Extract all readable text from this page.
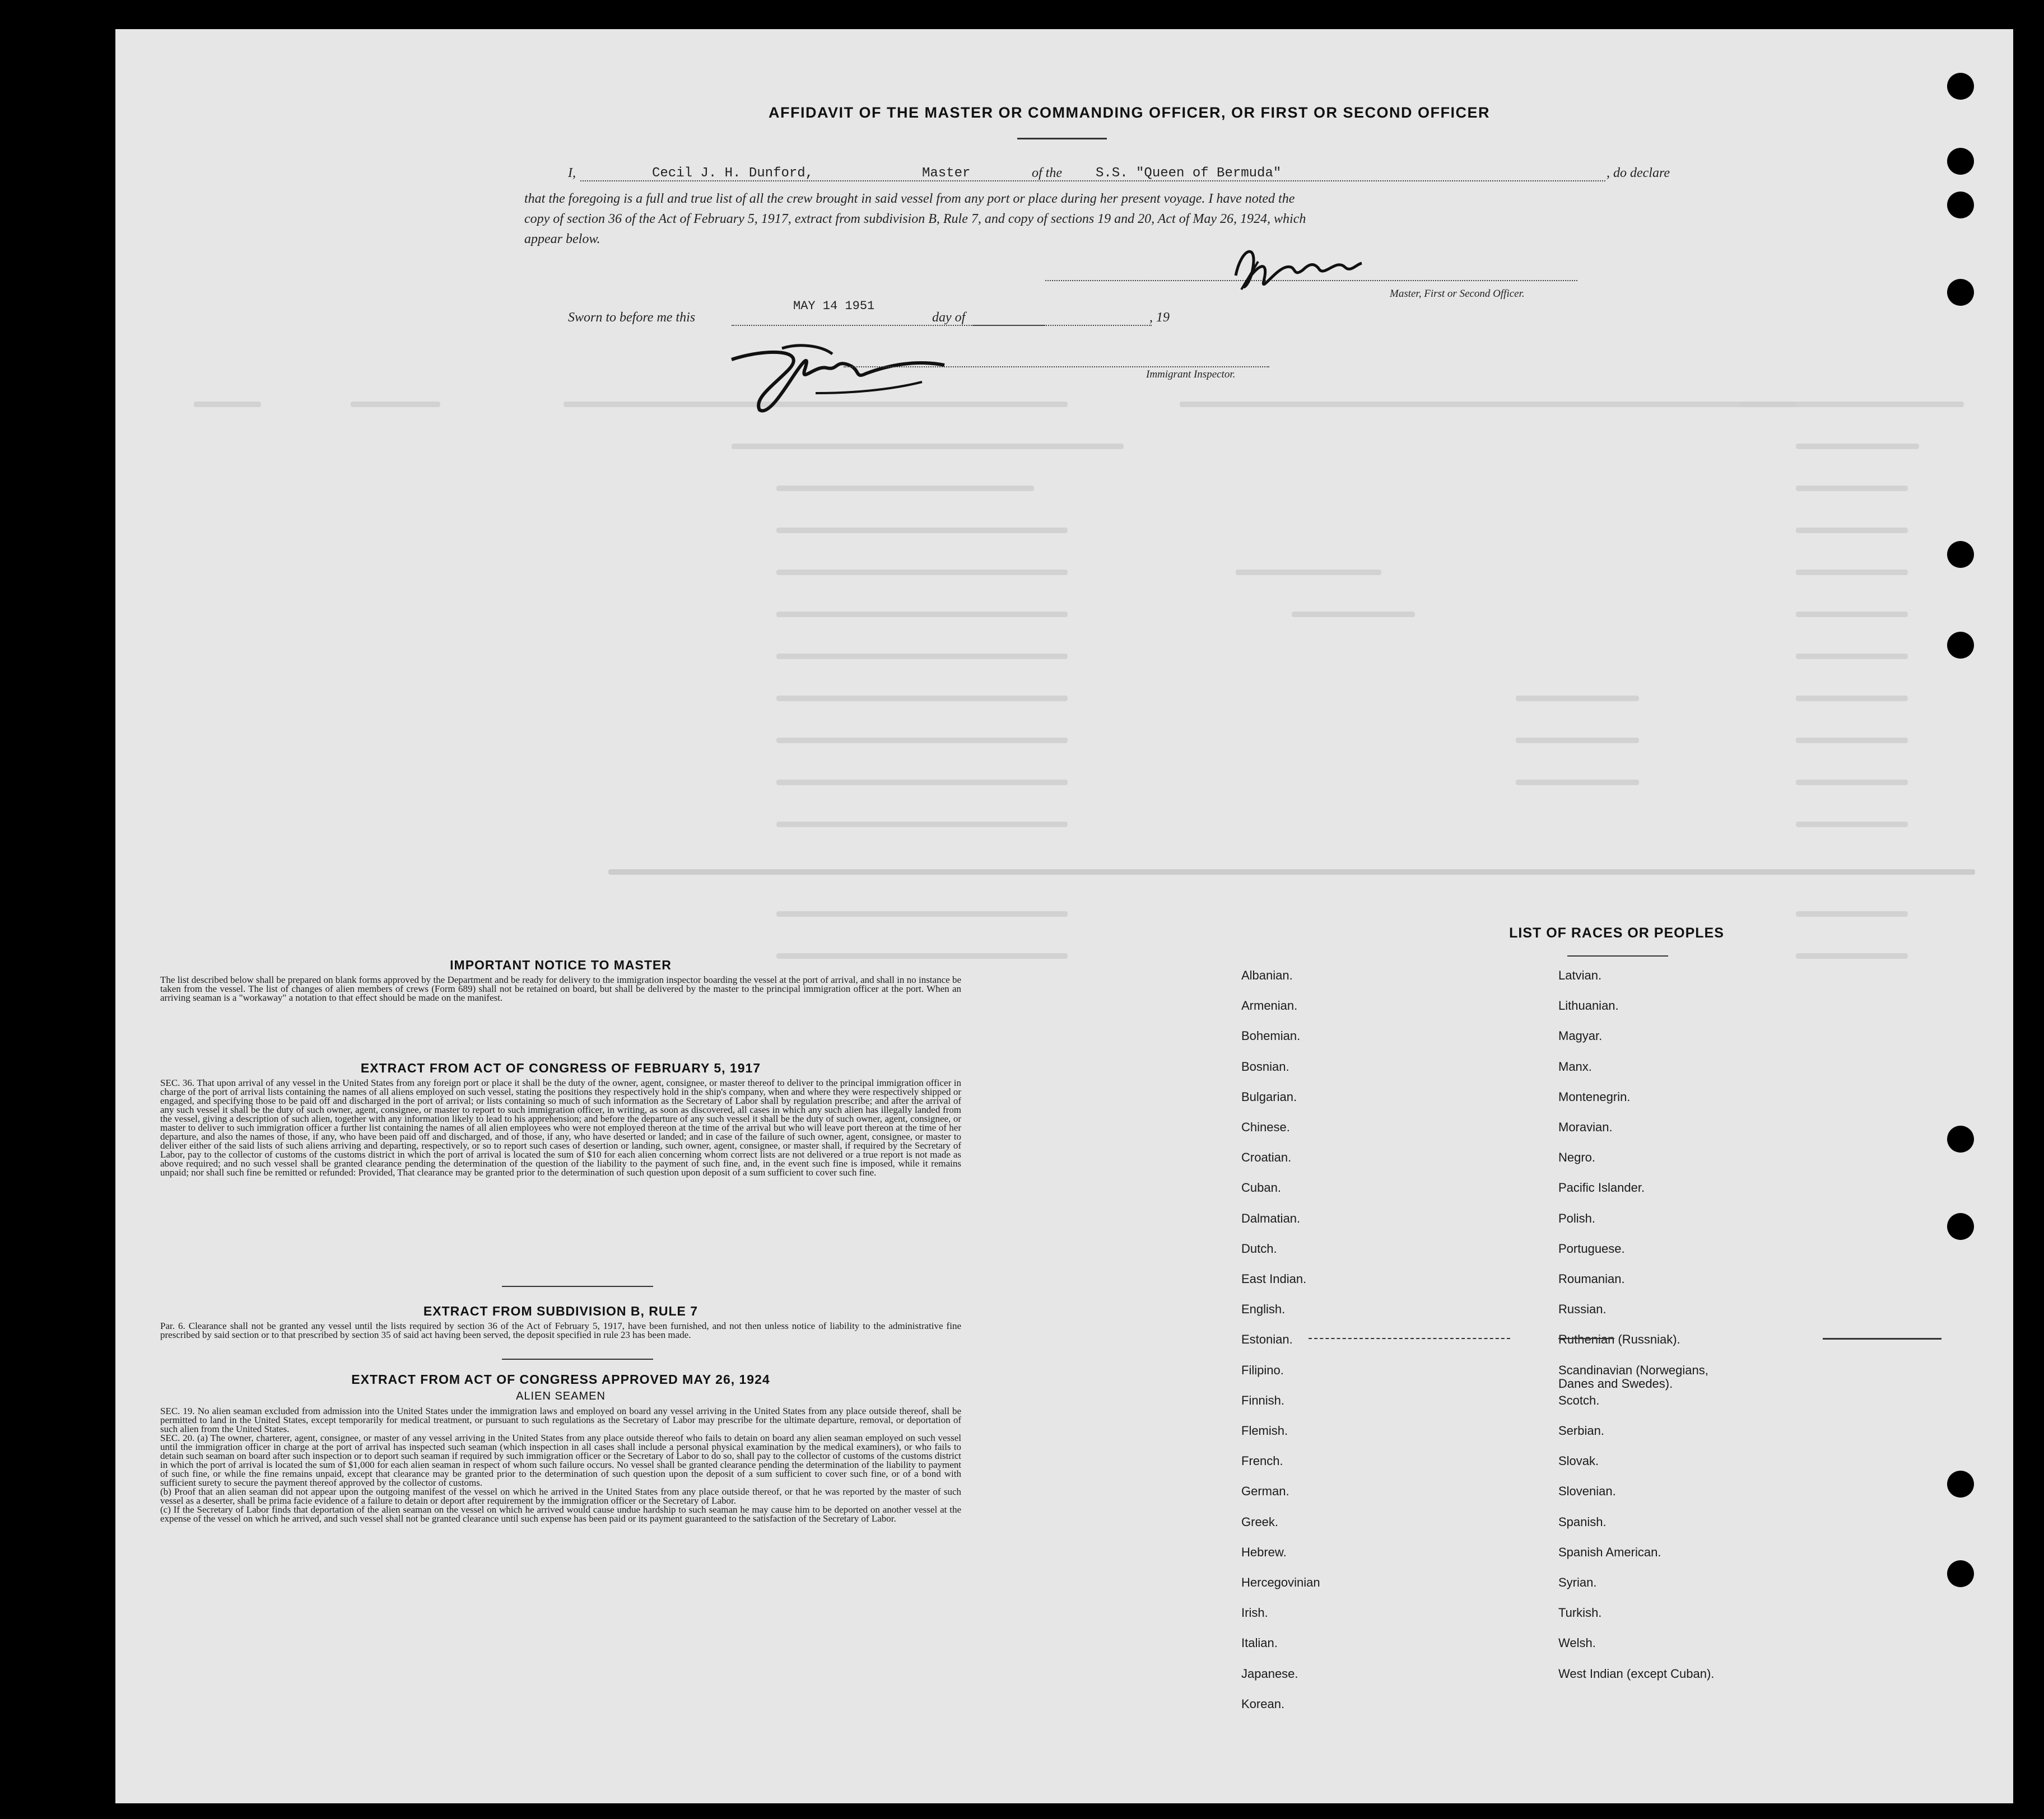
AFFIDAVIT OF THE MASTER OR COMMANDING OFFICER, OR FIRST OR SECOND OFFICER
I,	Cecil J. H. Dunford,	Master	of the	S.S. "Queen of Bermuda"	, do declare
that the foregoing is a full and true list of all the crew brought in said vessel from any port or place during her present voyage. I have noted the
copy of section 36 of the Act of February 5, 1917, extract from subdivision B, Rule 7, and copy of sections 19 and 20, Act of May 26, 1924, which
appear below.
Master, First or Second Officer.
Sworn to before me this
MAY 14 1951
day of	, 19
Immigrant Inspector.
IMPORTANT NOTICE TO MASTER
The list described below shall be prepared on blank forms approved by the Department and be ready for delivery to the immigration inspector boarding the vessel at the port of arrival, and shall in no instance be taken from the vessel. The list of changes of alien members of crews (Form 689) shall not be retained on board, but shall be delivered by the master to the principal immigration officer at the port. When an arriving seaman is a "workaway" a notation to that effect should be made on the manifest.
EXTRACT FROM ACT OF CONGRESS OF FEBRUARY 5, 1917
SEC. 36. That upon arrival of any vessel in the United States from any foreign port or place it shall be the duty of the owner, agent, consignee, or master thereof to deliver to the principal immigration officer in charge of the port of arrival lists containing the names of all aliens employed on such vessel, stating the positions they respectively hold in the ship's company, when and where they were respectively shipped or engaged, and specifying those to be paid off and discharged in the port of arrival; or lists containing so much of such information as the Secretary of Labor shall by regulation prescribe; and after the arrival of any such vessel it shall be the duty of such owner, agent, consignee, or master to report to such immigration officer, in writing, as soon as discovered, all cases in which any such alien has illegally landed from the vessel, giving a description of such alien, together with any information likely to lead to his apprehension; and before the departure of any such vessel it shall be the duty of such owner, agent, consignee, or master to deliver to such immigration officer a further list containing the names of all alien employees who were not employed thereon at the time of the arrival but who will leave port thereon at the time of her departure, and also the names of those, if any, who have been paid off and discharged, and of those, if any, who have deserted or landed; and in case of the failure of such owner, agent, consignee, or master to deliver either of the said lists of such aliens arriving and departing, respectively, or so to report such cases of desertion or landing, such owner, agent, consignee, or master shall, if required by the Secretary of Labor, pay to the collector of customs of the customs district in which the port of arrival is located the sum of $10 for each alien concerning whom correct lists are not delivered or a true report is not made as above required; and no such vessel shall be granted clearance pending the determination of the question of the liability to the payment of such fine, and, in the event such fine is imposed, while it remains unpaid; nor shall such fine be remitted or refunded: Provided, That clearance may be granted prior to the determination of such question upon deposit of a sum sufficient to cover such fine.
EXTRACT FROM SUBDIVISION B, RULE 7
Par. 6. Clearance shall not be granted any vessel until the lists required by section 36 of the Act of February 5, 1917, have been furnished, and not then unless notice of liability to the administrative fine prescribed by said section or to that prescribed by section 35 of said act having been served, the deposit specified in rule 23 has been made.
EXTRACT FROM ACT OF CONGRESS APPROVED MAY 26, 1924
ALIEN SEAMEN
SEC. 19. No alien seaman excluded from admission into the United States under the immigration laws and employed on board any vessel arriving in the United States from any place outside thereof, shall be permitted to land in the United States, except temporarily for medical treatment, or pursuant to such regulations as the Secretary of Labor may prescribe for the ultimate departure, removal, or deportation of such alien from the United States.
SEC. 20. (a) The owner, charterer, agent, consignee, or master of any vessel arriving in the United States from any place outside thereof who fails to detain on board any alien seaman employed on such vessel until the immigration officer in charge at the port of arrival has inspected such seaman (which inspection in all cases shall include a personal physical examination by the medical examiners), or who fails to detain such seaman on board after such inspection or to deport such seaman if required by such immigration officer or the Secretary of Labor to do so, shall pay to the collector of customs of the customs district in which the port of arrival is located the sum of $1,000 for each alien seaman in respect of whom such failure occurs. No vessel shall be granted clearance pending the determination of the liability to payment of such fine, or while the fine remains unpaid, except that clearance may be granted prior to the determination of such question upon the deposit of a sum sufficient to cover such fine, or of a bond with sufficient surety to secure the payment thereof approved by the collector of customs.
(b) Proof that an alien seaman did not appear upon the outgoing manifest of the vessel on which he arrived in the United States from any place outside thereof, or that he was reported by the master of such vessel as a deserter, shall be prima facie evidence of a failure to detain or deport after requirement by the immigration officer or the Secretary of Labor.
(c) If the Secretary of Labor finds that deportation of the alien seaman on the vessel on which he arrived would cause undue hardship to such seaman he may cause him to be deported on another vessel at the expense of the vessel on which he arrived, and such vessel shall not be granted clearance until such expense has been paid or its payment guaranteed to the satisfaction of the Secretary of Labor.
LIST OF RACES OR PEOPLES
Albanian.
Armenian.
Bohemian.
Bosnian.
Bulgarian.
Chinese.
Croatian.
Cuban.
Dalmatian.
Dutch.
East Indian.
English.
Estonian.
Filipino.
Finnish.
Flemish.
French.
German.
Greek.
Hebrew.
Hercegovinian
Irish.
Italian.
Japanese.
Korean.
Latvian.
Lithuanian.
Magyar.
Manx.
Montenegrin.
Moravian.
Negro.
Pacific Islander.
Polish.
Portuguese.
Roumanian.
Russian.
Ruthenian (Russniak).
Scandinavian (Norwegians,
Danes and Swedes).
Scotch.
Serbian.
Slovak.
Slovenian.
Spanish.
Spanish American.
Syrian.
Turkish.
Welsh.
West Indian (except Cuban).
